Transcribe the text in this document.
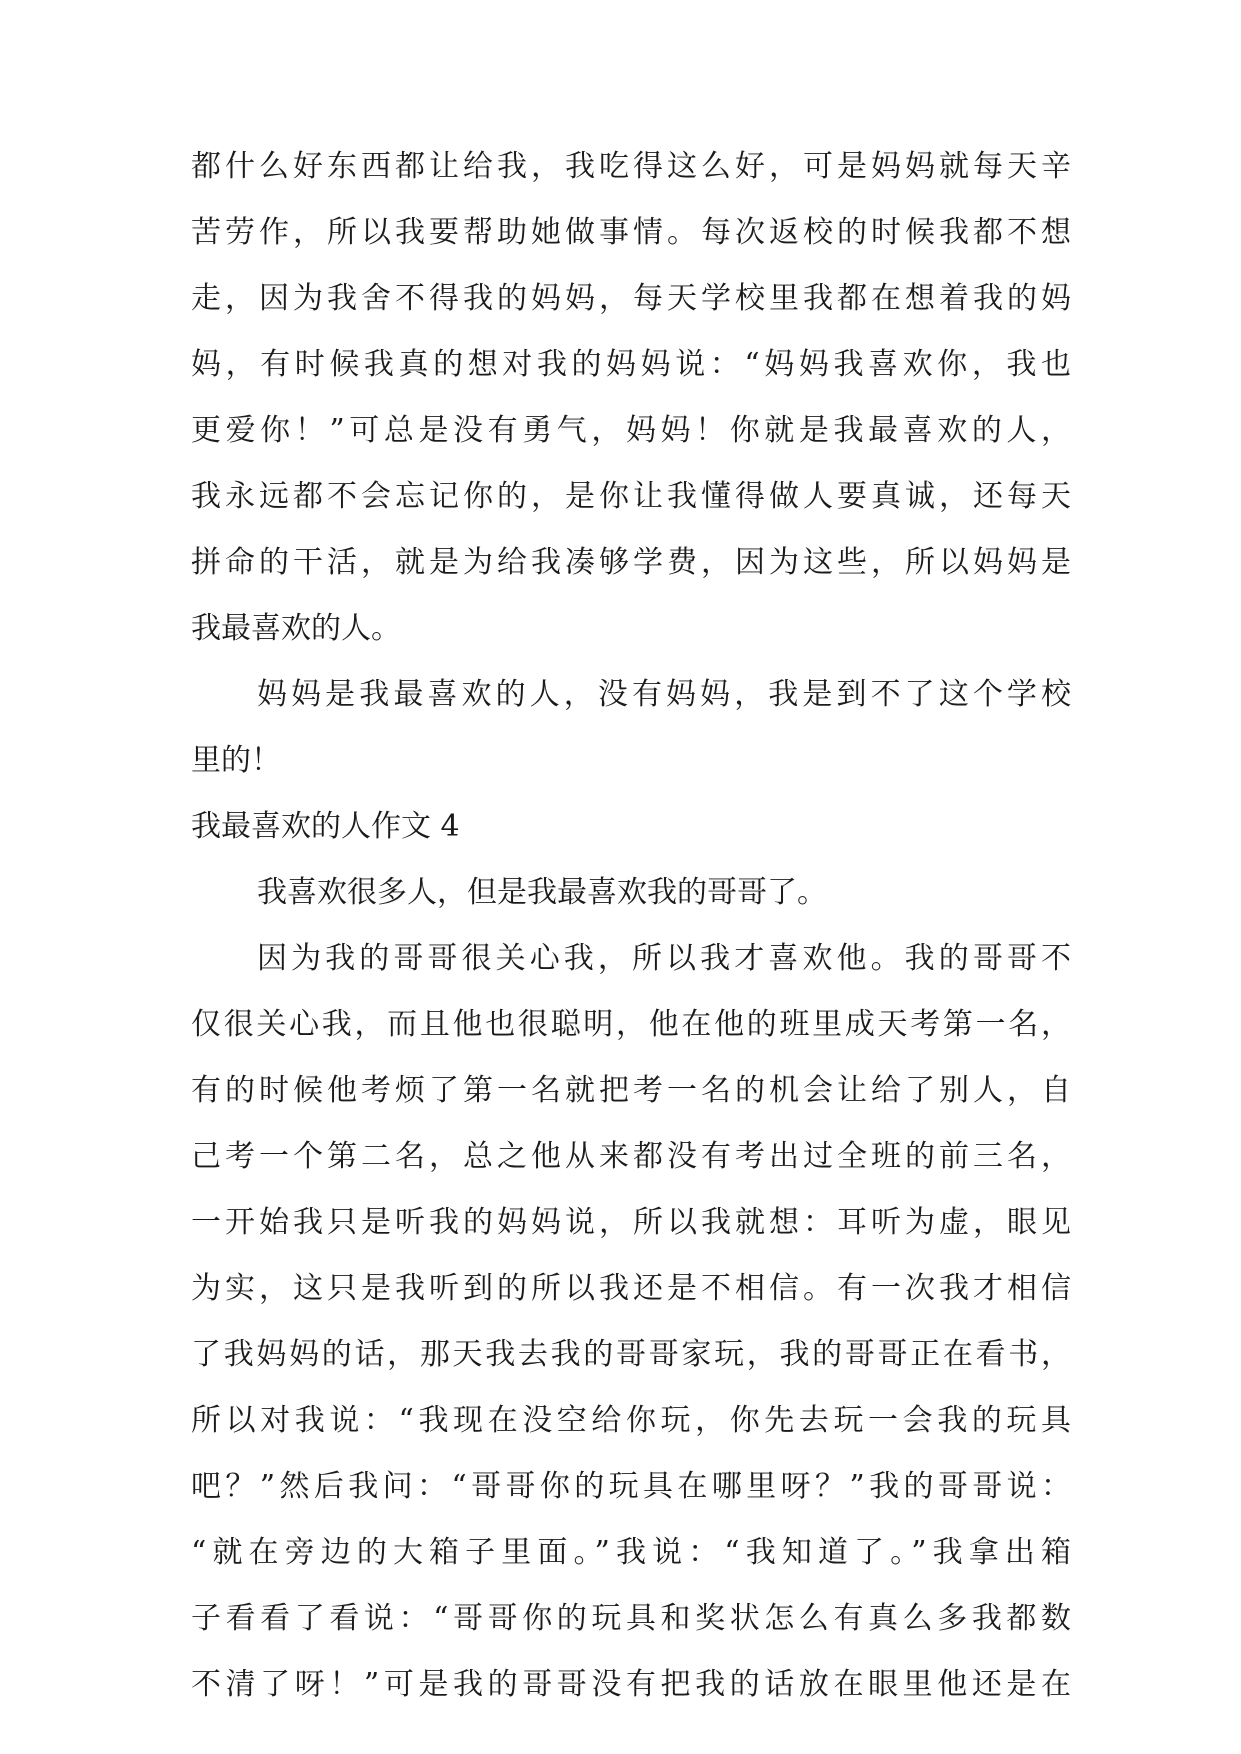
都什么好东西都让给我，我吃得这么好，可是妈妈就每天辛
苦劳作，所以我要帮助她做事情。每次返校的时候我都不想
走，因为我舍不得我的妈妈，每天学校里我都在想着我的妈
妈，有时候我真的想对我的妈妈说：“妈妈我喜欢你，我也
更爱你！”可总是没有勇气，妈妈！你就是我最喜欢的人，
我永远都不会忘记你的，是你让我懂得做人要真诚，还每天
拼命的干活，就是为给我凑够学费，因为这些，所以妈妈是
我最喜欢的人。
妈妈是我最喜欢的人，没有妈妈，我是到不了这个学校
里的！
我最喜欢的人作文 4
我喜欢很多人，但是我最喜欢我的哥哥了。
因为我的哥哥很关心我，所以我才喜欢他。我的哥哥不
仅很关心我，而且他也很聪明，他在他的班里成天考第一名，
有的时候他考烦了第一名就把考一名的机会让给了别人，自
己考一个第二名，总之他从来都没有考出过全班的前三名，
一开始我只是听我的妈妈说，所以我就想：耳听为虚，眼见
为实，这只是我听到的所以我还是不相信。有一次我才相信
了我妈妈的话，那天我去我的哥哥家玩，我的哥哥正在看书，
所以对我说：“我现在没空给你玩，你先去玩一会我的玩具
吧？”然后我问：“哥哥你的玩具在哪里呀？”我的哥哥说：
“就在旁边的大箱子里面。”我说：“我知道了。”我拿出箱
子看看了看说：“哥哥你的玩具和奖状怎么有真么多我都数
不清了呀！”可是我的哥哥没有把我的话放在眼里他还是在
